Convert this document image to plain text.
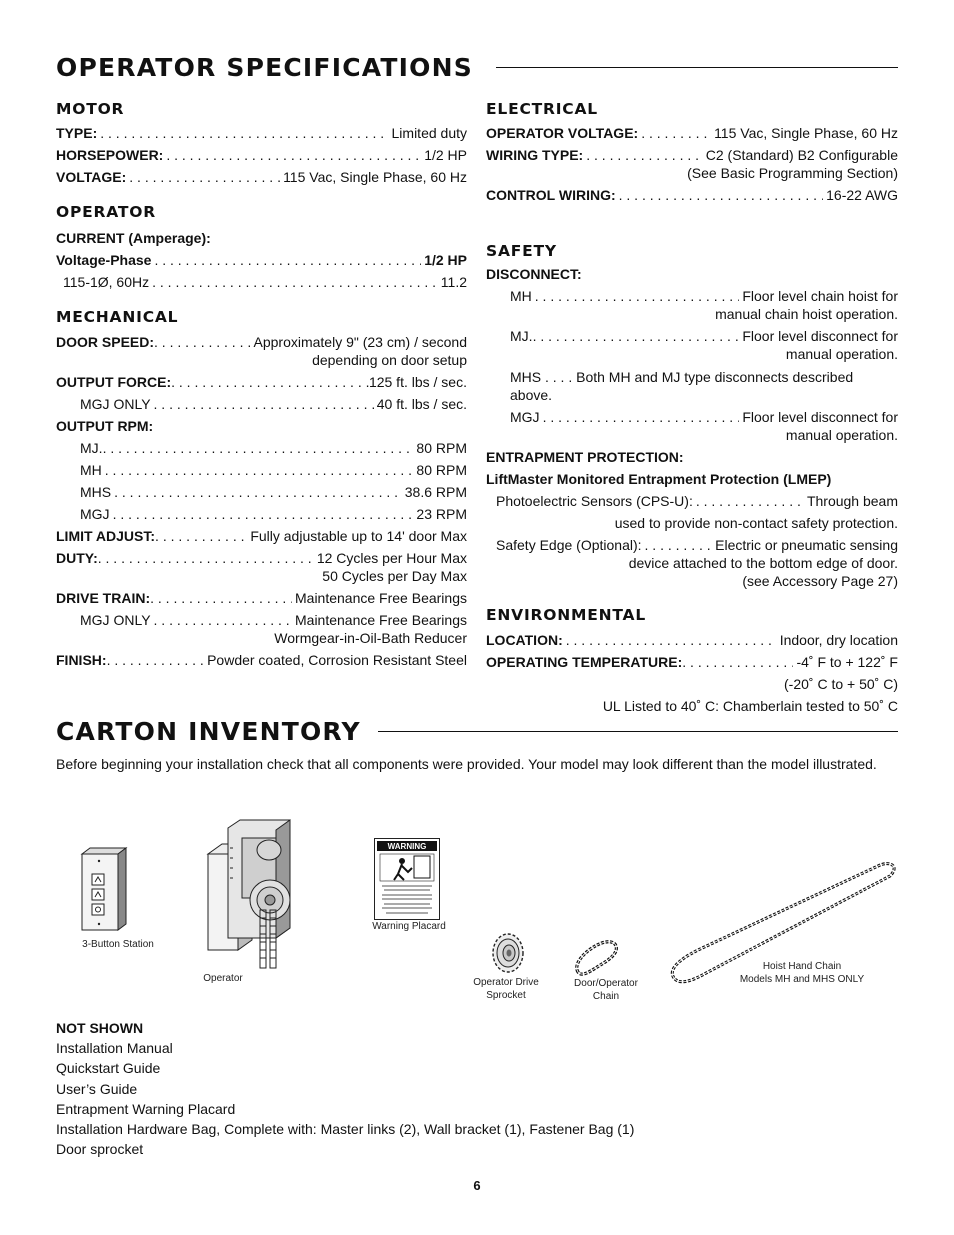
OPERATOR SPECIFICATIONS
MOTOR
TYPE: . . .	Limited duty
HORSEPOWER: . . .	1/2 HP
VOLTAGE: . . .	115 Vac, Single Phase, 60 Hz
OPERATOR
CURRENT (Amperage):
Voltage-Phase . . .	1/2 HP
115-1Ø, 60Hz . . .	11.2
MECHANICAL
DOOR SPEED: . . .	Approximately 9" (23 cm) / second
depending on door setup
OUTPUT FORCE: . . .	125 ft. lbs / sec.
MGJ ONLY . . .	40 ft. lbs / sec.
OUTPUT RPM:
MJ. . . .	80 RPM
MH . . .	80 RPM
MHS . . .	38.6 RPM
MGJ . . .	23 RPM
LIMIT ADJUST: . . .	Fully adjustable up to 14' door Max
DUTY: . . .	12 Cycles per Hour Max
50 Cycles per Day Max
DRIVE TRAIN: . . .	Maintenance Free Bearings
MGJ ONLY . . .	Maintenance Free Bearings
Wormgear-in-Oil-Bath Reducer
FINISH: . . .	Powder coated, Corrosion Resistant Steel
ELECTRICAL
OPERATOR VOLTAGE: . . .	115 Vac, Single Phase, 60 Hz
WIRING TYPE: . . .	C2 (Standard) B2 Configurable
(See Basic Programming Section)
CONTROL WIRING: . . .	16-22 AWG
SAFETY
DISCONNECT:
MH . . .	Floor level chain hoist for
manual chain hoist operation.
MJ. . . .	Floor level disconnect for
manual operation.
MHS . . . . Both MH and MJ type disconnects described above.
MGJ . . .	Floor level disconnect for
manual operation.
ENTRAPMENT PROTECTION:
LiftMaster Monitored Entrapment Protection (LMEP)
Photoelectric Sensors (CPS-U): . . .	Through beam
used to provide non-contact safety protection.
Safety Edge (Optional): . . .	Electric or pneumatic sensing
device attached to the bottom edge of door.
(see Accessory Page 27)
ENVIRONMENTAL
LOCATION: . . .	Indoor, dry location
OPERATING TEMPERATURE: . . .	-4˚ F to + 122˚ F
(-20˚ C to + 50˚ C)
UL Listed to 40˚ C: Chamberlain tested to 50˚ C
CARTON INVENTORY
Before beginning your installation check that all components were provided. Your model may look different than the model illustrated.
3-Button Station
Operator
WARNING
Warning Placard
Operator Drive Sprocket
Door/Operator Chain
Hoist Hand Chain
Models MH and MHS ONLY
NOT SHOWN
Installation Manual
Quickstart Guide
User’s Guide
Entrapment Warning Placard
Installation Hardware Bag, Complete with: Master links (2), Wall bracket (1), Fastener Bag (1)
Door sprocket
6
